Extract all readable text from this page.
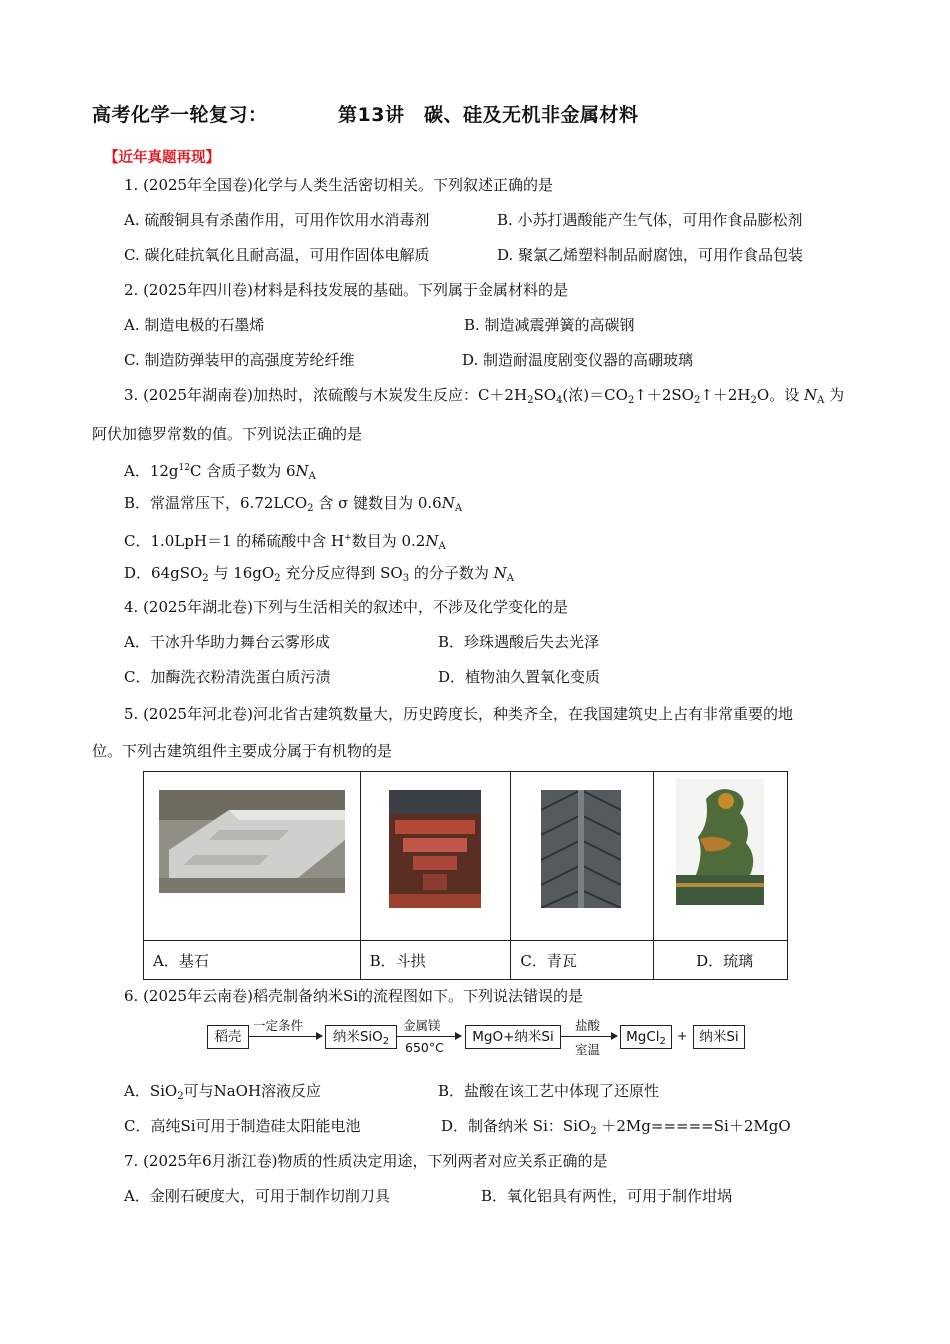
高考化学一轮复习：	第13讲　碳、硅及无机非金属材料
【近年真题再现】
1. (2025年全国卷)化学与人类生活密切相关。下列叙述正确的是
A. 硫酸铜具有杀菌作用，可用作饮用水消毒剂	B. 小苏打遇酸能产生气体，可用作食品膨松剂
C. 碳化硅抗氧化且耐高温，可用作固体电解质	D. 聚氯乙烯塑料制品耐腐蚀，可用作食品包装
2. (2025年四川卷)材料是科技发展的基础。下列属于金属材料的是
A. 制造电极的石墨烯	B. 制造减震弹簧的高碳钢
C. 制造防弹装甲的高强度芳纶纤维	D. 制造耐温度剧变仪器的高硼玻璃
3. (2025年湖南卷)加热时，浓硫酸与木炭发生反应：$C+2H_2SO_4$(浓)$=CO_2↑+2SO_2↑+2H_2O$。设 $N_A$ 为
阿伏加德罗常数的值。下列说法正确的是
A．$12g^{12}C$ 含质子数为 $6N_A$
B．常温常压下，$6.72LCO_2$ 含 σ 键数目为 $0.6N_A$
C．1.0LpH＝1 的稀硫酸中含 H+数目为 $0.2N_A$
D．64gSO$_2$ 与 $16gO_2$ 充分反应得到 $SO_3$ 的分子数为 $N_A$
4. (2025年湖北卷)下列与生活相关的叙述中，不涉及化学变化的是
A．干冰升华助力舞台云雾形成	B．珍珠遇酸后失去光泽
C．加酶洗衣粉清洗蛋白质污渍	D．植物油久置氧化变质
5. (2025年河北卷)河北省古建筑数量大，历史跨度长，种类齐全，在我国建筑史上占有非常重要的地
位。下列古建筑组件主要成分属于有机物的是

A．基石	B．斗拱	C．青瓦	D．琉璃
6. (2025年云南卷)稻壳制备纳米Si的流程图如下。下列说法错误的是
稻壳
一定条件
纳米SiO$_2$
金属镁
650°C
MgO+纳米Si
盐酸
室温
MgCl$_2$ + 纳米Si
A．SiO$_2$可与NaOH溶液反应	B．盐酸在该工艺中体现了还原性
C．高纯Si可用于制造硅太阳能电池	D．制备纳米 Si：SiO$_2$ ＋2Mg=====Si＋2MgO
7. (2025年6月浙江卷)物质的性质决定用途，下列两者对应关系正确的是
A．金刚石硬度大，可用于制作切削刀具	B．氧化铝具有两性，可用于制作坩埚
